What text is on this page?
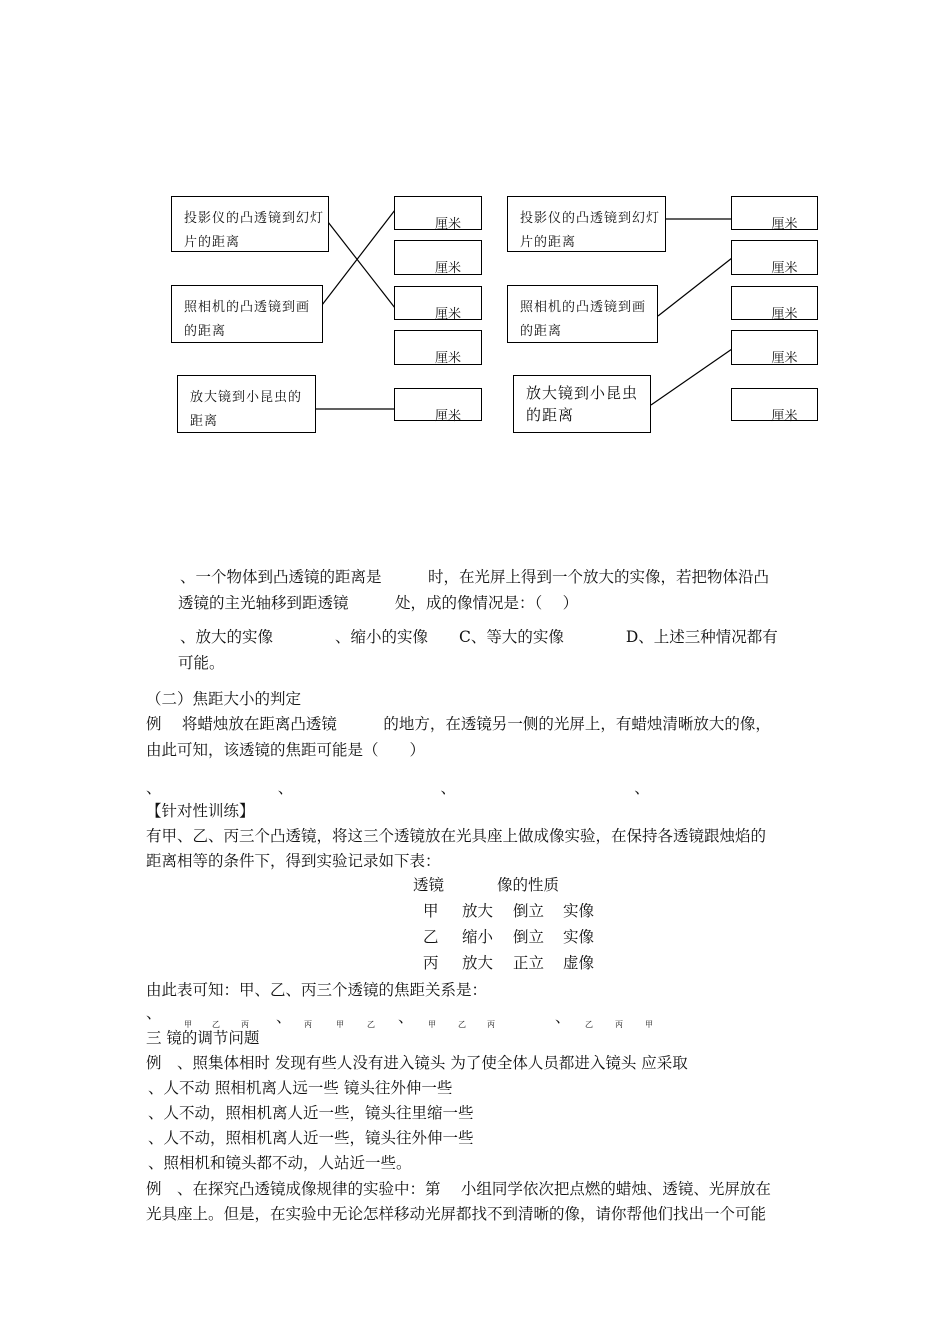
投影仪的凸透镜到幻灯片的距离
照相机的凸透镜到画的距离
放大镜到小昆虫的距离
厘米
厘米
厘米
厘米
厘米
投影仪的凸透镜到幻灯片的距离
照相机的凸透镜到画的距离
放大镜到小昆虫的距离
厘米
厘米
厘米
厘米
厘米
、一个物体到凸透镜的距离是　　　时，在光屏上得到一个放大的实像，若把物体沿凸
透镜的主光轴移到距透镜　　　处，成的像情况是：（　 ）
、放大的实像　　　　、缩小的实像　　C、等大的实像　　　　D、上述三种情况都有
可能。
（二）焦距大小的判定
例　 将蜡烛放在距离凸透镜　　　的地方，在透镜另一侧的光屏上，有蜡烛清晰放大的像，
由此可知，该透镜的焦距可能是（　　）
、　　　　　　　　、　　　　　　　　　　、　　　　　　　　　　　　、
【针对性训练】
有甲、乙、丙三个凸透镜，将这三个透镜放在光具座上做成像实验，在保持各透镜跟烛焰的
距离相等的条件下，得到实验记录如下表：
透镜	像的性质
甲 放大 倒立 实像
乙 缩小 倒立 实像
丙 放大 正立 虚像
由此表可知：甲、乙、丙三个透镜的焦距关系是：
、
甲	乙	丙 、 丙	甲	乙 、 甲	乙	丙	、 乙	丙	甲
三 镜的调节问题
例　、照集体相时 发现有些人没有进入镜头 为了使全体人员都进入镜头 应采取
、人不动 照相机离人远一些 镜头往外伸一些
、人不动，照相机离人近一些，镜头往里缩一些
、人不动，照相机离人近一些，镜头往外伸一些
、照相机和镜头都不动，人站近一些。
例　、在探究凸透镜成像规律的实验中：第　 小组同学依次把点燃的蜡烛、透镜、光屏放在
光具座上。但是，在实验中无论怎样移动光屏都找不到清晰的像，请你帮他们找出一个可能
